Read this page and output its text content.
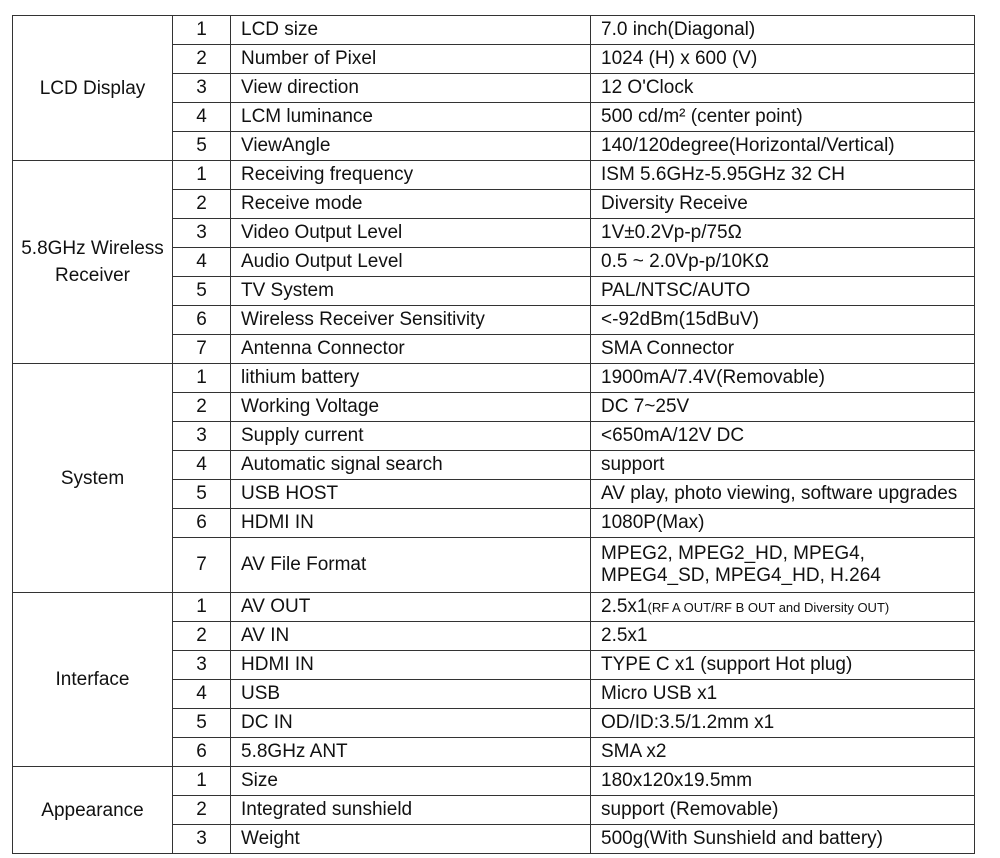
LCD Display	1	LCD size	7.0 inch(Diagonal)
	2	Number of Pixel	1024 (H) x 600 (V)
	3	View direction	12 O'Clock
	4	LCM luminance	500 cd/m² (center point)
	5	ViewAngle	140/120degree(Horizontal/Vertical)
5.8GHz Wireless Receiver	1	Receiving frequency	ISM 5.6GHz-5.95GHz 32 CH
	2	Receive mode	Diversity Receive
	3	Video Output Level	1V±0.2Vp-p/75Ω
	4	Audio Output Level	0.5 ~ 2.0Vp-p/10KΩ
	5	TV System	PAL/NTSC/AUTO
	6	Wireless Receiver Sensitivity	<-92dBm(15dBuV)
	7	Antenna Connector	SMA Connector
System	1	lithium battery	1900mA/7.4V(Removable)
	2	Working Voltage	DC 7~25V
	3	Supply current	<650mA/12V DC
	4	Automatic signal search	support
	5	USB HOST	AV play, photo viewing, software upgrades
	6	HDMI IN	1080P(Max)
	7	AV File Format	MPEG2, MPEG2_HD, MPEG4,
MPEG4_SD, MPEG4_HD, H.264
Interface	1	AV OUT	2.5x1(RF A OUT/RF B OUT and Diversity OUT)
	2	AV IN	2.5x1
	3	HDMI IN	TYPE C x1 (support Hot plug)
	4	USB	Micro USB x1
	5	DC IN	OD/ID:3.5/1.2mm x1
	6	5.8GHz ANT	SMA x2
Appearance	1	Size	180x120x19.5mm
	2	Integrated sunshield	support (Removable)
	3	Weight	500g(With Sunshield and battery)
